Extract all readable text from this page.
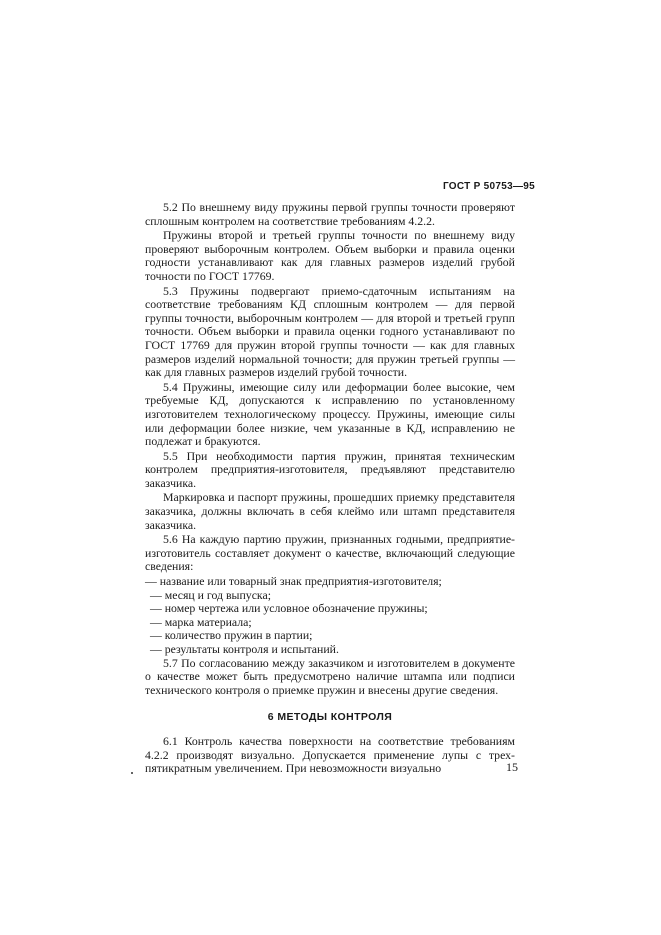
ГОСТ Р 50753—95

5.2 По внешнему виду пружины первой группы точности проверяют сплошным контролем на соответствие требованиям 4.2.2.

Пружины второй и третьей группы точности по внешнему виду проверяют выборочным контролем. Объем выборки и правила оценки годности устанавливают как для главных размеров изделий грубой точности по ГОСТ 17769.

5.3 Пружины подвергают приемо-сдаточным испытаниям на соответствие требованиям КД сплошным контролем — для первой группы точности, выборочным контролем — для второй и третьей групп точности. Объем выборки и правила оценки годного устанавливают по ГОСТ 17769 для пружин второй группы точности — как для главных размеров изделий нормальной точности; для пружин третьей группы — как для главных размеров изделий грубой точности.

5.4 Пружины, имеющие силу или деформации более высокие, чем требуемые КД, допускаются к исправлению по установленному изготовителем технологическому процессу. Пружины, имеющие силы или деформации более низкие, чем указанные в КД, исправлению не подлежат и бракуются.

5.5 При необходимости партия пружин, принятая техническим контролем предприятия-изготовителя, предъявляют представителю заказчика.

Маркировка и паспорт пружины, прошедших приемку представителя заказчика, должны включать в себя клеймо или штамп представителя заказчика.

5.6 На каждую партию пружин, признанных годными, предприятие-изготовитель составляет документ о качестве, включающий следующие сведения:

— название или товарный знак предприятия-изготовителя;
— месяц и год выпуска;
— номер чертежа или условное обозначение пружины;
— марка материала;
— количество пружин в партии;
— результаты контроля и испытаний.

5.7 По согласованию между заказчиком и изготовителем в документе о качестве может быть предусмотрено наличие штампа или подписи технического контроля о приемке пружин и внесены другие сведения.

6 МЕТОДЫ КОНТРОЛЯ

6.1 Контроль качества поверхности на соответствие требованиям 4.2.2 производят визуально. Допускается применение лупы с трех-пятикратным увеличением. При невозможности визуально	15
